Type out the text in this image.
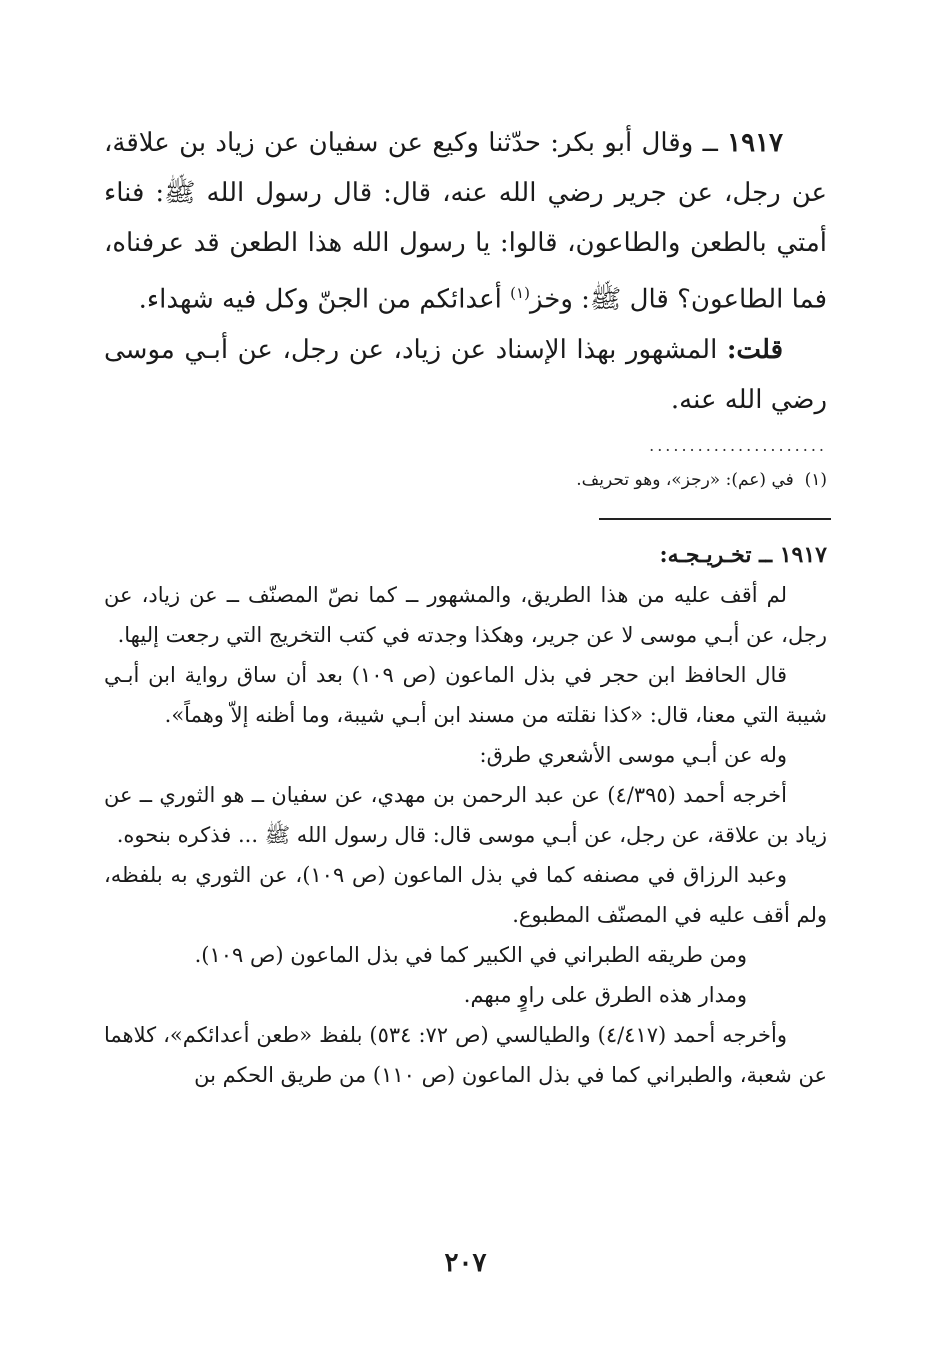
١٩١٧ ــ وقال أبو بكر: حدّثنا وكيع عن سفيان عن زياد بن علاقة، عن رجل، عن جرير رضي الله عنه، قال: قال رسول الله ﷺ: فناء أمتي بالطعن والطاعون، قالوا: يا رسول الله هذا الطعن قد عرفناه، فما الطاعون؟ قال ﷺ: وخز$^{(١)}$ أعدائكم من الجنّ وكل فيه شهداء.

قلت: المشهور بهذا الإسناد عن زياد، عن رجل، عن أبـي موسى رضي الله عنه.

......................
(١)  في (عم): «رجز»، وهو تحريف.

١٩١٧ ــ تخـريـجـه:

لم أقف عليه من هذا الطريق، والمشهور ــ كما نصّ المصنّف ــ عن زياد، عن رجل، عن أبـي موسى لا عن جرير، وهكذا وجدته في كتب التخريج التي رجعت إليها.

قال الحافظ ابن حجر في بذل الماعون (ص ١٠٩) بعد أن ساق رواية ابن أبـي شيبة التي معنا، قال: «كذا نقلته من مسند ابن أبـي شيبة، وما أظنه إلاّ وهماً».

وله عن أبـي موسى الأشعري طرق:

أخرجه أحمد (٤/٣٩٥) عن عبد الرحمن بن مهدي، عن سفيان ــ هو الثوري ــ عن زياد بن علاقة، عن رجل، عن أبـي موسى قال: قال رسول الله ﷺ ... فذكره بنحوه.

وعبد الرزاق في مصنفه كما في بذل الماعون (ص ١٠٩)، عن الثوري به بلفظه، ولم أقف عليه في المصنّف المطبوع.

ومن طريقه الطبراني في الكبير كما في بذل الماعون (ص ١٠٩).

ومدار هذه الطرق على راوٍ مبهم.

وأخرجه أحمد (٤/٤١٧) والطيالسي (ص ٧٢: ٥٣٤) بلفظ «طعن أعدائكم»، كلاهما عن شعبة، والطبراني كما في بذل الماعون (ص ١١٠) من طريق الحكم بن

٢٠٧
